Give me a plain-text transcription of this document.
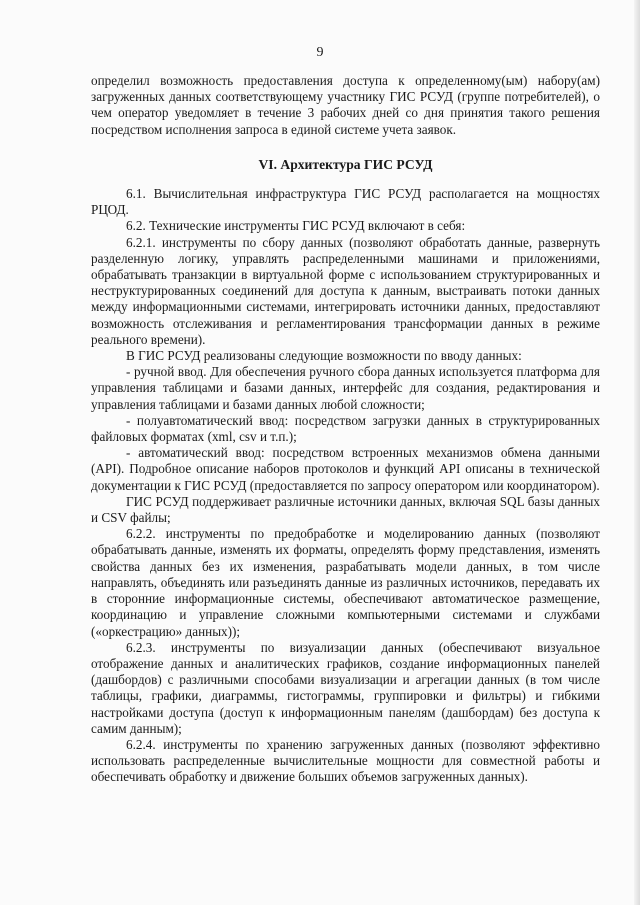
9

определил возможность предоставления доступа к определенному(ым) набору(ам) загруженных данных соответствующему участнику ГИС РСУД (группе потребителей), о чем оператор уведомляет в течение 3 рабочих дней со дня принятия такого решения посредством исполнения запроса в единой системе учета заявок.

VI. Архитектура ГИС РСУД

6.1. Вычислительная инфраструктура ГИС РСУД располагается на мощностях РЦОД.

6.2. Технические инструменты ГИС РСУД включают в себя:

6.2.1. инструменты по сбору данных (позволяют обработать данные, развернуть разделенную логику, управлять распределенными машинами и приложениями, обрабатывать транзакции в виртуальной форме с использованием структурированных и неструктурированных соединений для доступа к данным, выстраивать потоки данных между информационными системами, интегрировать источники данных, предоставляют возможность отслеживания и регламентирования трансформации данных в режиме реального времени).

В ГИС РСУД реализованы следующие возможности по вводу данных:

- ручной ввод. Для обеспечения ручного сбора данных используется платформа для управления таблицами и базами данных, интерфейс для создания, редактирования и управления таблицами и базами данных любой сложности;

- полуавтоматический ввод: посредством загрузки данных в структурированных файловых форматах (xml, csv и т.п.);

- автоматический ввод: посредством встроенных механизмов обмена данными (API). Подробное описание наборов протоколов и функций API описаны в технической документации к ГИС РСУД (предоставляется по запросу оператором или координатором).

ГИС РСУД поддерживает различные источники данных, включая SQL базы данных и CSV файлы;

6.2.2. инструменты по предобработке и моделированию данных (позволяют обрабатывать данные, изменять их форматы, определять форму представления, изменять свойства данных без их изменения, разрабатывать модели данных, в том числе направлять, объединять или разъединять данные из различных источников, передавать их в сторонние информационные системы, обеспечивают автоматическое размещение, координацию и управление сложными компьютерными системами и службами («оркестрацию» данных));

6.2.3. инструменты по визуализации данных (обеспечивают визуальное отображение данных и аналитических графиков, создание информационных панелей (дашбордов) с различными способами визуализации и агрегации данных (в том числе таблицы, графики, диаграммы, гистограммы, группировки и фильтры) и гибкими настройками доступа (доступ к информационным панелям (дашбордам) без доступа к самим данным);

6.2.4. инструменты по хранению загруженных данных (позволяют эффективно использовать распределенные вычислительные мощности для совместной работы и обеспечивать обработку и движение больших объемов загруженных данных).
